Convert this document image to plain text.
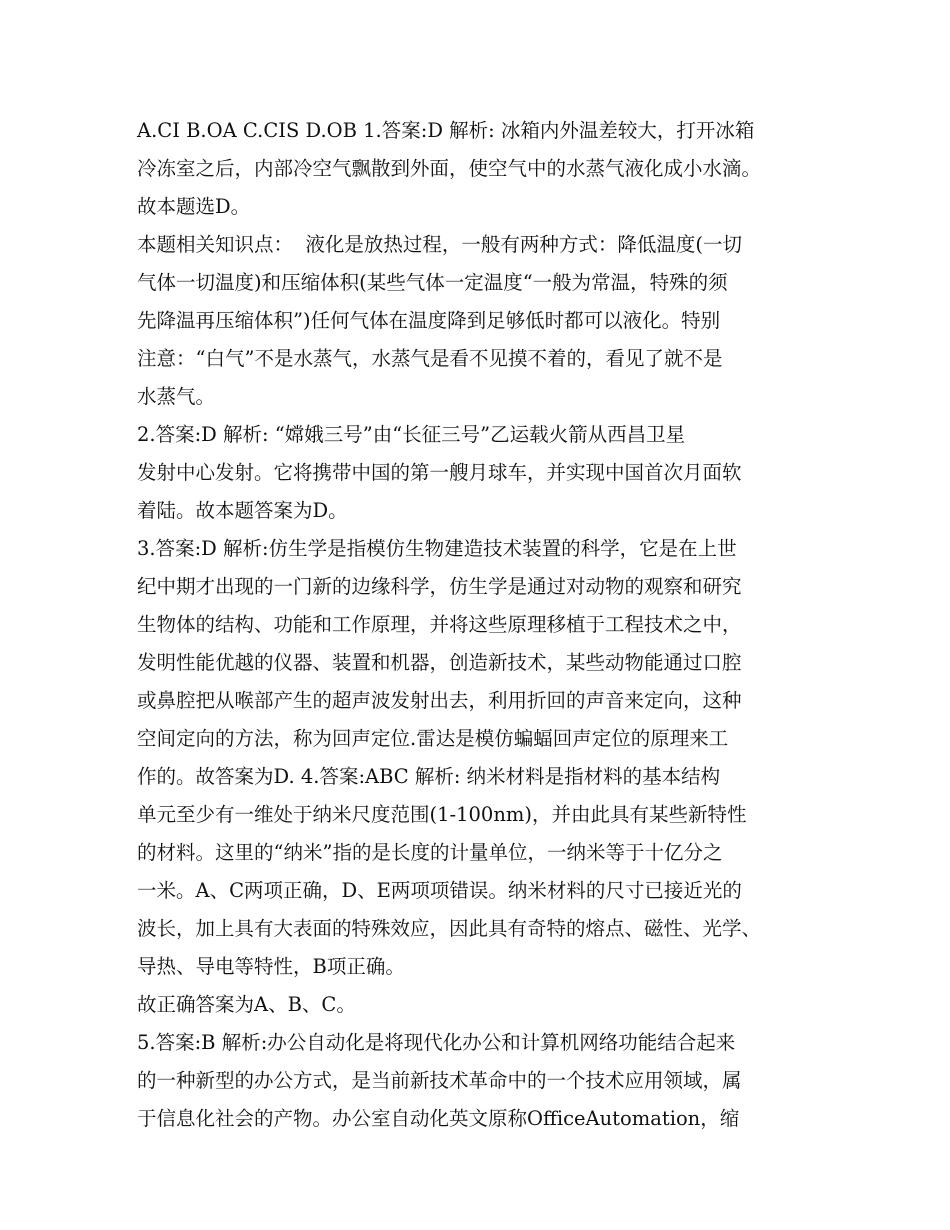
A.CI B.OA C.CIS D.OB 1.答案:D 解析: 冰箱内外温差较大，打开冰箱
冷冻室之后，内部冷空气飘散到外面，使空气中的水蒸气液化成小水滴。
故本题选D。
本题相关知识点：  液化是放热过程，一般有两种方式：降低温度(一切
气体一切温度)和压缩体积(某些气体一定温度“一般为常温，特殊的须
先降温再压缩体积”)任何气体在温度降到足够低时都可以液化。特别
注意：“白气”不是水蒸气，水蒸气是看不见摸不着的，看见了就不是
水蒸气。
2.答案:D 解析: “嫦娥三号”由“长征三号”乙运载火箭从西昌卫星
发射中心发射。它将携带中国的第一艘月球车，并实现中国首次月面软
着陆。故本题答案为D。
3.答案:D 解析:仿生学是指模仿生物建造技术装置的科学，它是在上世
纪中期才出现的一门新的边缘科学，仿生学是通过对动物的观察和研究
生物体的结构、功能和工作原理，并将这些原理移植于工程技术之中，
发明性能优越的仪器、装置和机器，创造新技术，某些动物能通过口腔
或鼻腔把从喉部产生的超声波发射出去，利用折回的声音来定向，这种
空间定向的方法，称为回声定位.雷达是模仿蝙蝠回声定位的原理来工
作的。故答案为D. 4.答案:ABC 解析: 纳米材料是指材料的基本结构
单元至少有一维处于纳米尺度范围(1-100nm)，并由此具有某些新特性
的材料。这里的“纳米”指的是长度的计量单位，一纳米等于十亿分之
一米。A、C两项正确，D、E两项项错误。纳米材料的尺寸已接近光的
波长，加上具有大表面的特殊效应，因此具有奇特的熔点、磁性、光学、
导热、导电等特性，B项正确。
故正确答案为A、B、C。
5.答案:B 解析:办公自动化是将现代化办公和计算机网络功能结合起来
的一种新型的办公方式，是当前新技术革命中的一个技术应用领域，属
于信息化社会的产物。办公室自动化英文原称OfficeAutomation，缩
